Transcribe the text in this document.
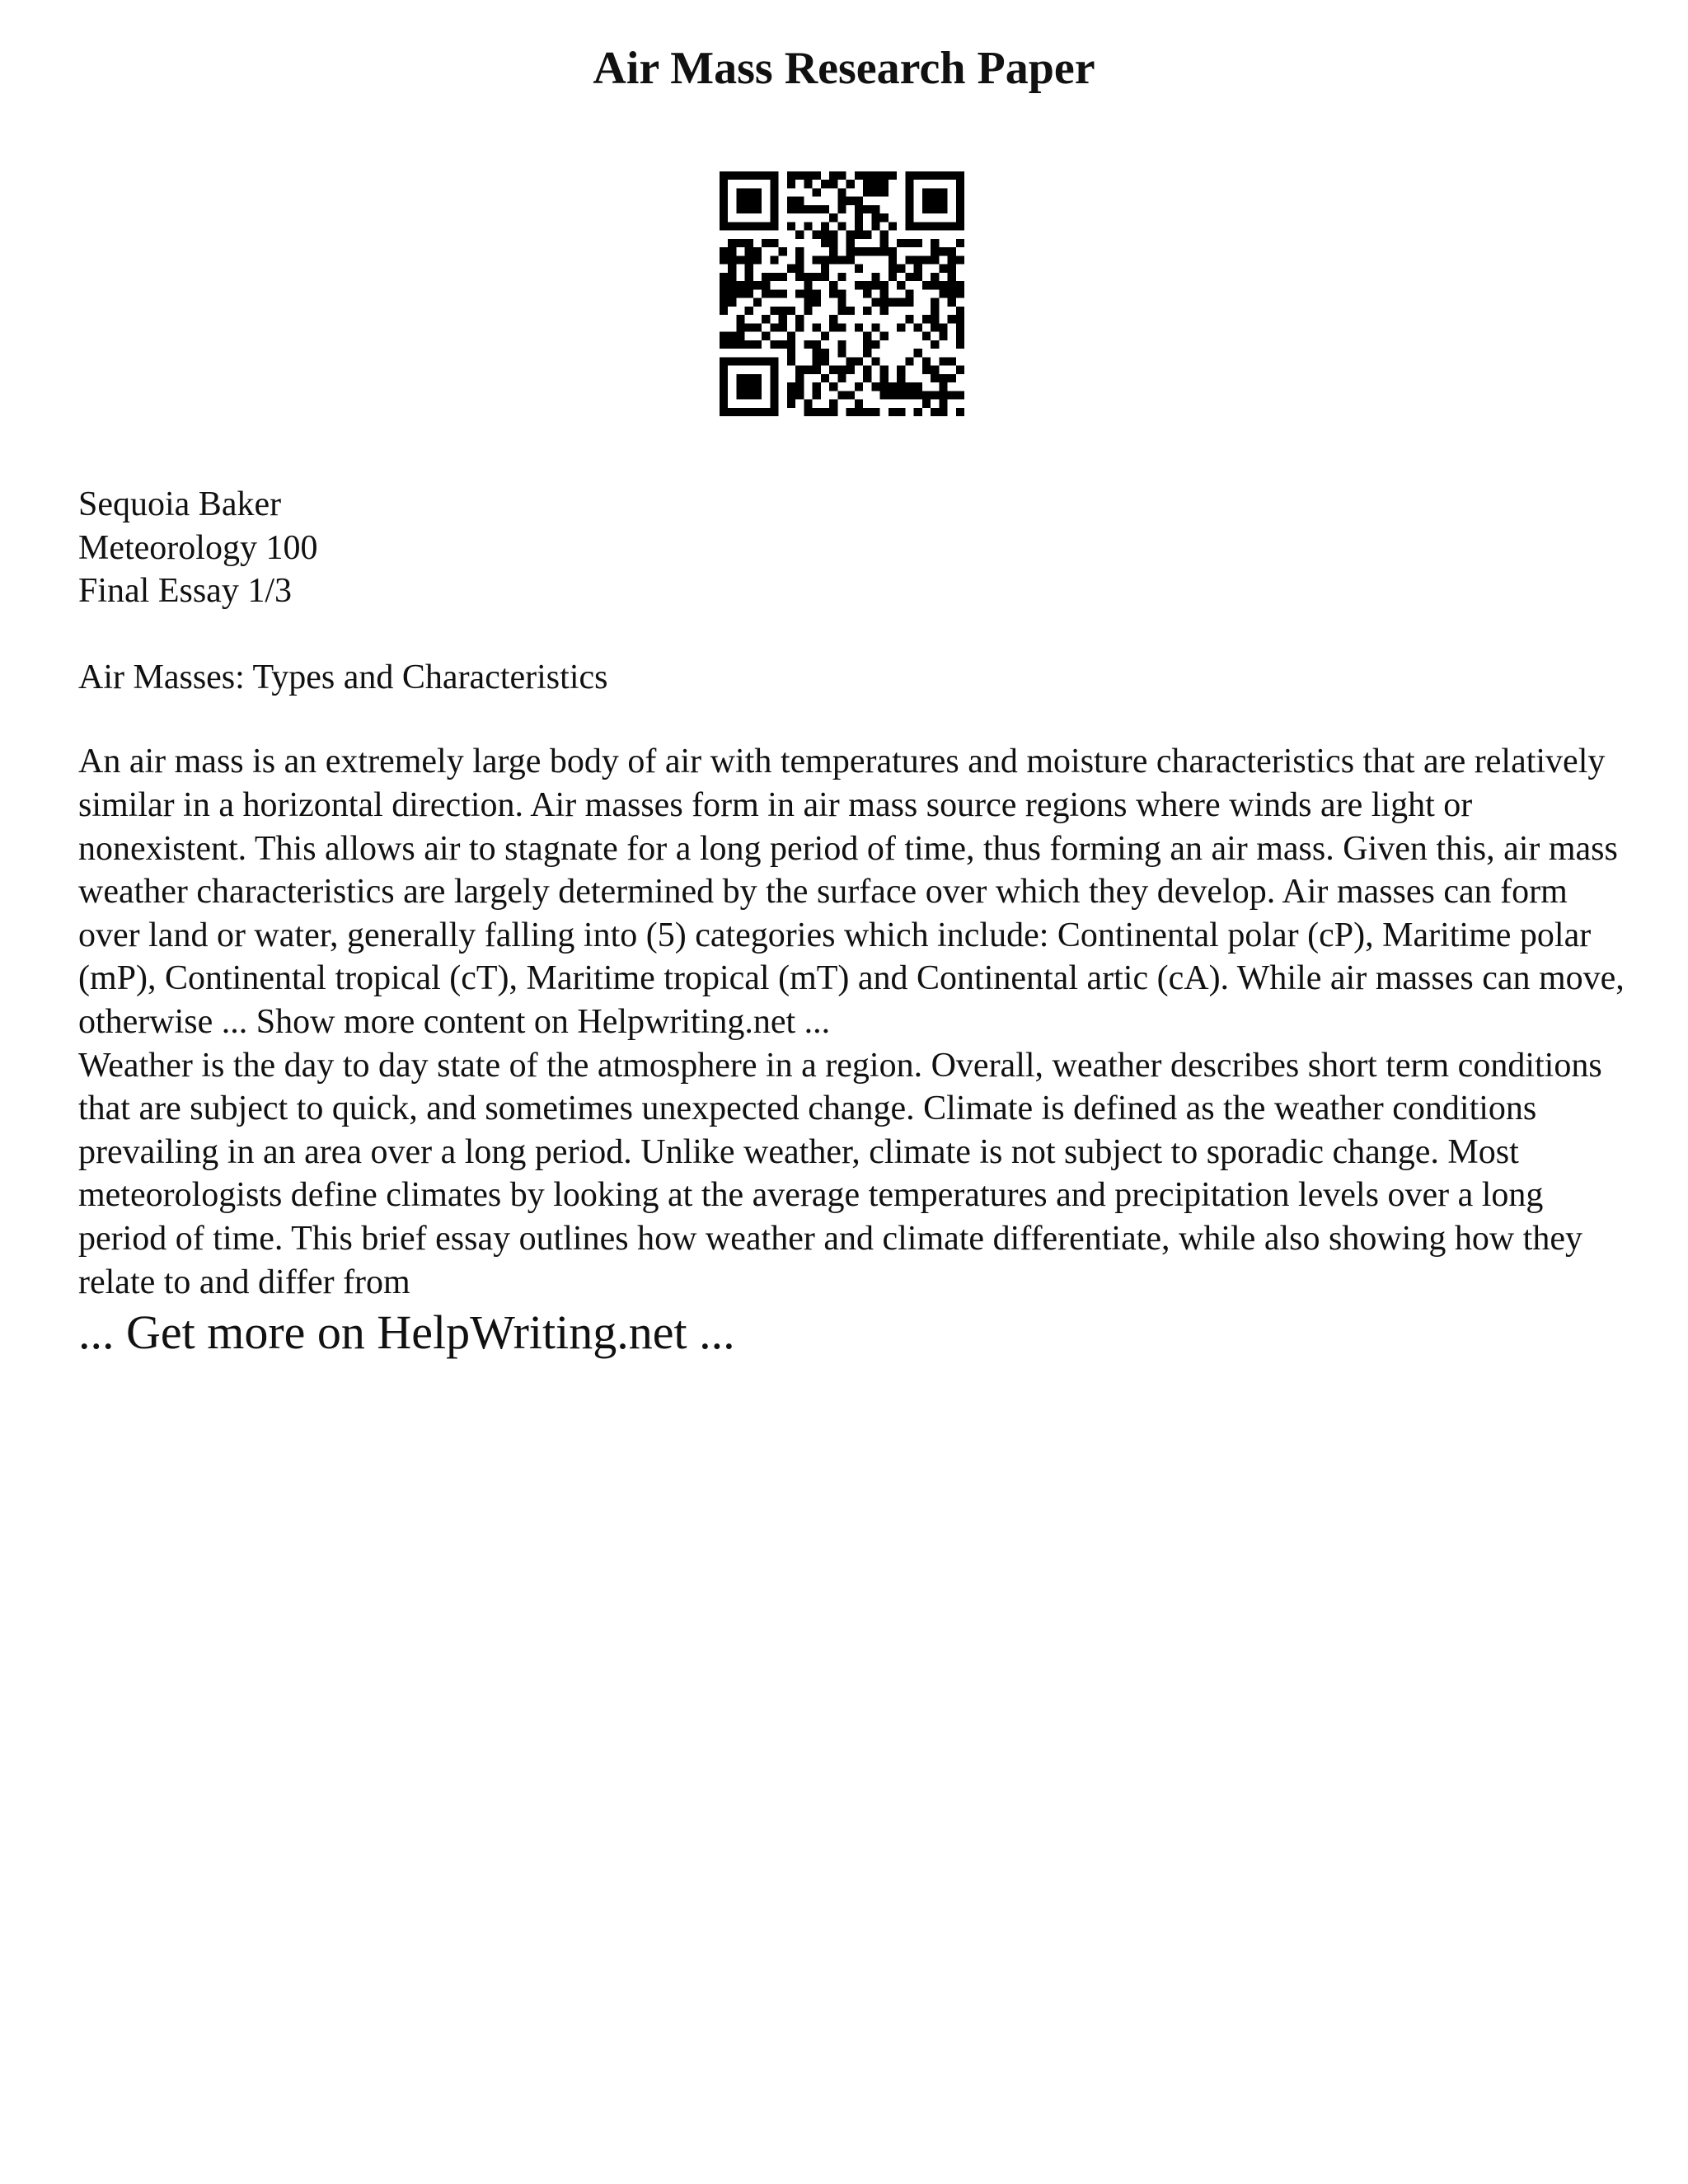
Air Mass Research Paper

Sequoia Baker

Meteorology 100

Final Essay 1/3

Air Masses: Types and Characteristics

An air mass is an extremely large body of air with temperatures and moisture characteristics that are relatively similar in a horizontal direction. Air masses form in air mass source regions where winds are light or nonexistent. This allows air to stagnate for a long period of time, thus forming an air mass. Given this, air mass weather characteristics are largely determined by the surface over which they develop. Air masses can form over land or water, generally falling into (5) categories which include: Continental polar (cP), Maritime polar (mP), Continental tropical (cT), Maritime tropical (mT) and Continental artic (cA). While air masses can move, otherwise ... Show more content on Helpwriting.net ...

Weather is the day to day state of the atmosphere in a region. Overall, weather describes short term conditions that are subject to quick, and sometimes unexpected change. Climate is defined as the weather conditions prevailing in an area over a long period. Unlike weather, climate is not subject to sporadic change. Most meteorologists define climates by looking at the average temperatures and precipitation levels over a long period of time. This brief essay outlines how weather and climate differentiate, while also showing how they relate to and differ from

... Get more on HelpWriting.net ...
